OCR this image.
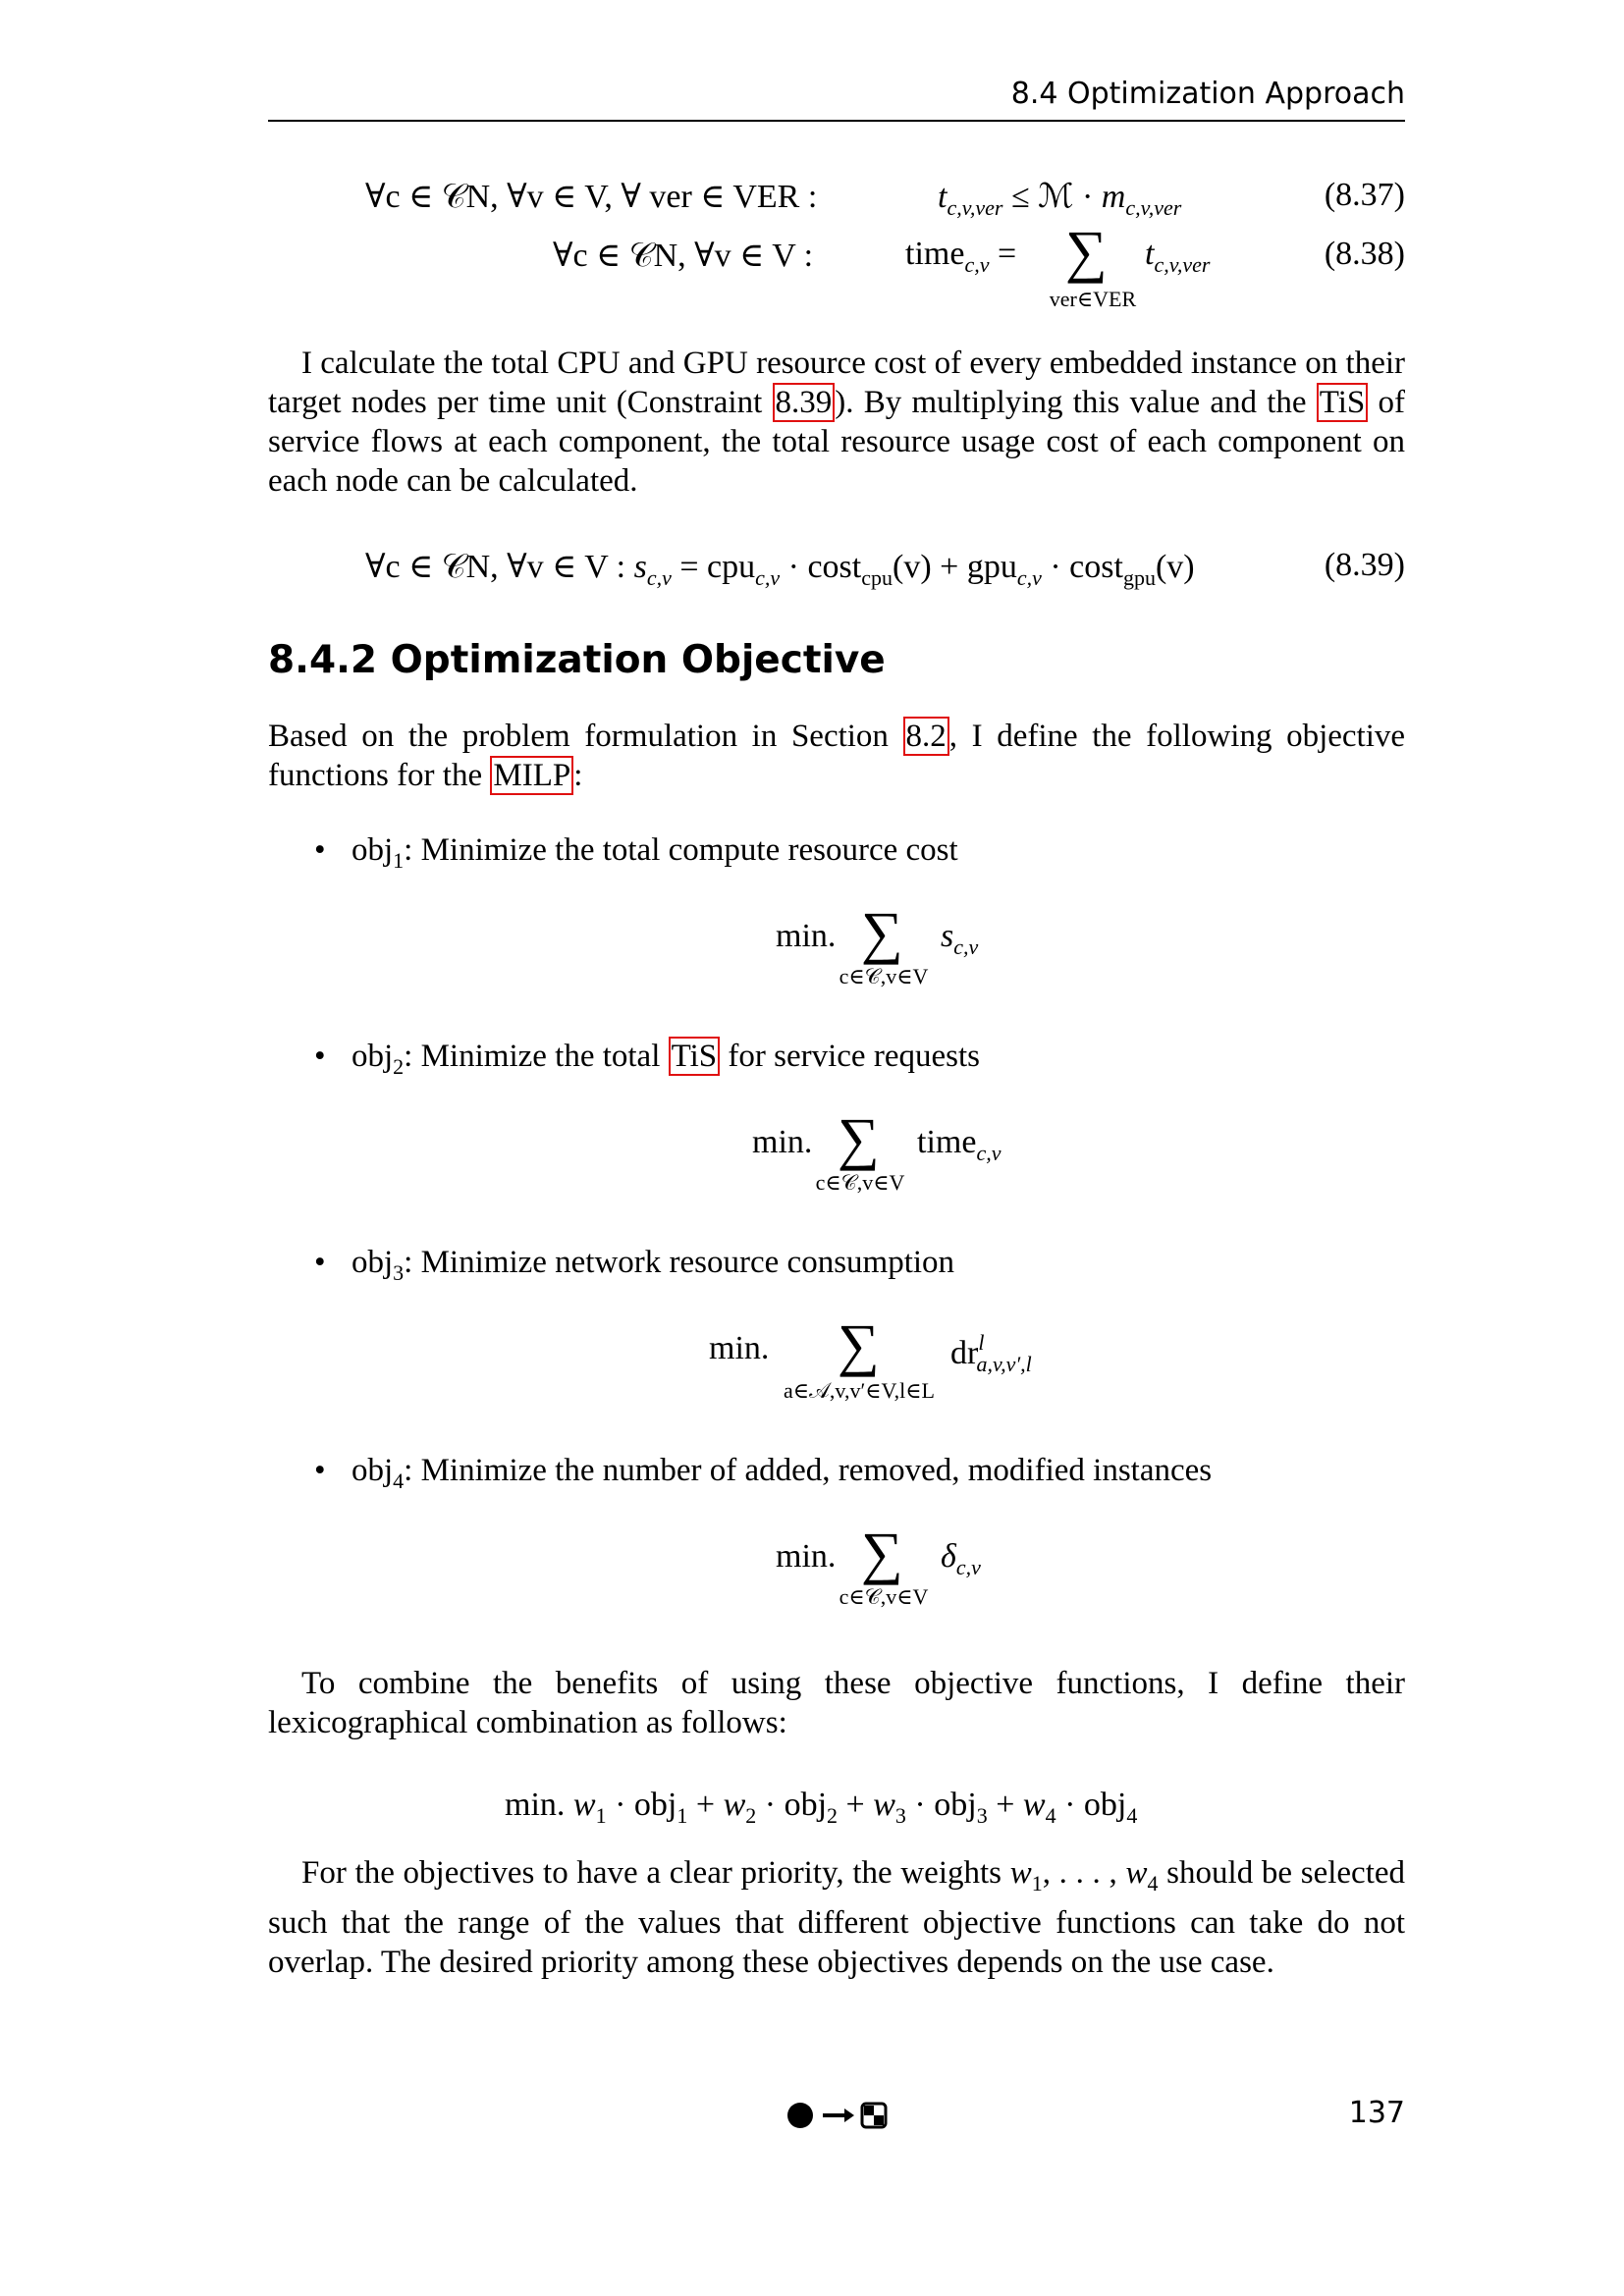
8.4 Optimization Approach
∀c ∈ 𝒞N, ∀v ∈ V, ∀ ver ∈ VER :	$t_{c,v,ver}$ ≤ ℳ · $m_{c,v,ver}$	(8.37)
∀c ∈ 𝒞N, ∀v ∈ V :	time$_{c,v}$ = ∑
ver∈VER
$t_{c,v,ver}$	(8.38)
I calculate the total CPU and GPU resource cost of every embedded instance on their target nodes per time unit (Constraint 8.39). By multiplying this value and the TiS of service flows at each component, the total resource usage cost of each component on each node can be calculated.
∀c ∈ 𝒞N, ∀v ∈ V : $s_{c,v} = cpu_{c,v} \cdot \cos t_{cpu}(v) + gpu_{c,v} \cdot \cos t_{gpu}(v)$	(8.39)
8.4.2 Optimization Objective
Based on the problem formulation in Section 8.2, I define the following objective functions for the MILP:
• obj$_1$: Minimize the total compute resource cost
min. ∑
c∈𝒞,v∈V
$s_{c,v}$
• obj$_2$: Minimize the total TiS for service requests
min. ∑
c∈𝒞,v∈V
time$_{c,v}$
• obj$_3$: Minimize network resource consumption
min. ∑
a∈𝒜,v,v′∈V,l∈L
$dr^l_{a,v,v',l}$
• obj$_4$: Minimize the number of added, removed, modified instances
min. ∑
c∈𝒞,v∈V
$\delta_{c,v}$
To combine the benefits of using these objective functions, I define their lexicographical combination as follows:
min. $w_1 \cdot obj_1 + w_2 \cdot obj_2 + w_3 \cdot obj_3 + w_4 \cdot obj_4$
For the objectives to have a clear priority, the weights $w_1$, . . . , $w_4$ should be selected such that the range of the values that different objective functions can take do not overlap. The desired priority among these objectives depends on the use case.
137
